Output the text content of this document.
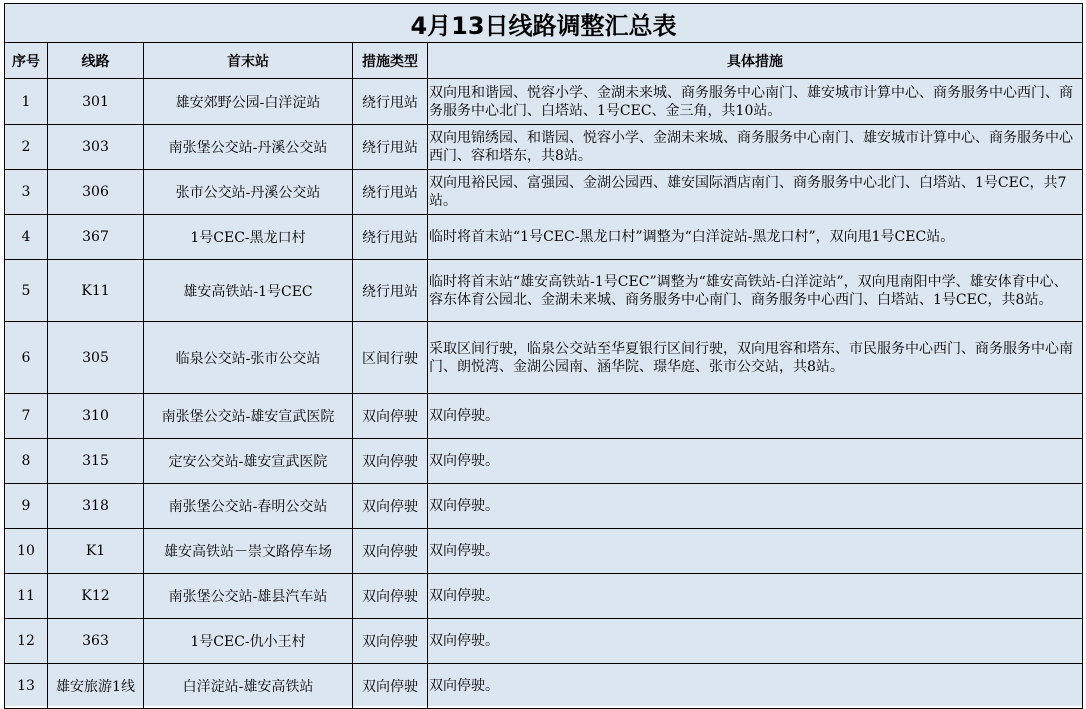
4月13日线路调整汇总表				
序号	线路	首末站	措施类型	具体措施
1	301	雄安郊野公园-白洋淀站	绕行甩站	双向甩和谐园、悦容小学、金湖未来城、商务服务中心南门、雄安城市计算中心、商务服务中心西门、商务服务中心北门、白塔站、1号CEC、金三角，共10站。
2	303	南张堡公交站-丹溪公交站	绕行甩站	双向甩锦绣园、和谐园、悦容小学、金湖未来城、商务服务中心南门、雄安城市计算中心、商务服务中心西门、容和塔东，共8站。
3	306	张市公交站-丹溪公交站	绕行甩站	双向甩裕民园、富强园、金湖公园西、雄安国际酒店南门、商务服务中心北门、白塔站、1号CEC，共7站。
4	367	1号CEC-黑龙口村	绕行甩站	临时将首末站“1号CEC-黑龙口村”调整为“白洋淀站-黑龙口村”，双向甩1号CEC站。
5	K11	雄安高铁站-1号CEC	绕行甩站	临时将首末站“雄安高铁站-1号CEC”调整为“雄安高铁站-白洋淀站”，双向甩南阳中学、雄安体育中心、容东体育公园北、金湖未来城、商务服务中心南门、商务服务中心西门、白塔站、1号CEC，共8站。
6	305	临泉公交站-张市公交站	区间行驶	采取区间行驶，临泉公交站至华夏银行区间行驶，双向甩容和塔东、市民服务中心西门、商务服务中心南门、朗悦湾、金湖公园南、涵华院、璟华庭、张市公交站，共8站。
7	310	南张堡公交站-雄安宣武医院	双向停驶	双向停驶。
8	315	定安公交站-雄安宣武医院	双向停驶	双向停驶。
9	318	南张堡公交站-春明公交站	双向停驶	双向停驶。
10	K1	雄安高铁站－崇文路停车场	双向停驶	双向停驶。
11	K12	南张堡公交站-雄县汽车站	双向停驶	双向停驶。
12	363	1号CEC-仇小王村	双向停驶	双向停驶。
13	雄安旅游1线	白洋淀站-雄安高铁站	双向停驶	双向停驶。
